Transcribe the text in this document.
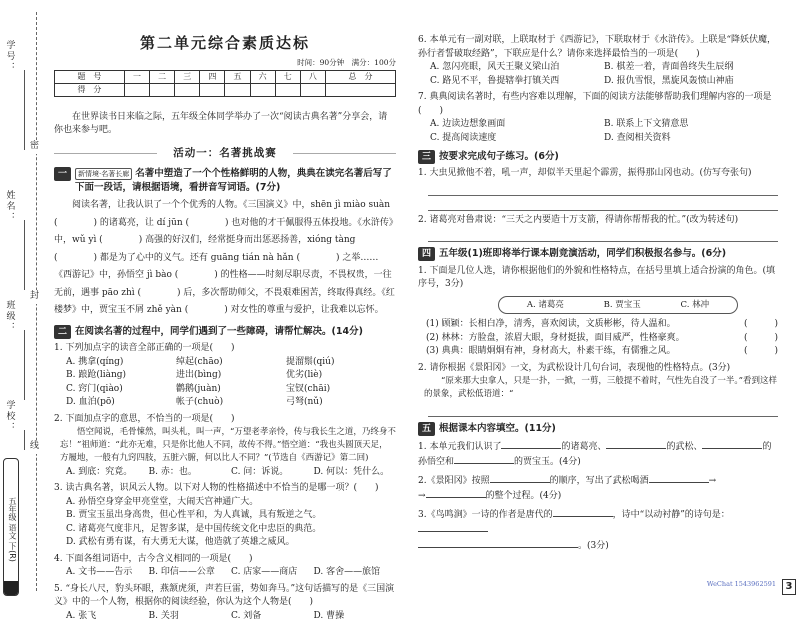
学号：
姓名：
班级：
学校：
密
封
线
五年级 语文 下(R)
第二单元综合素质达标
时间：90分钟　满分：100分
题　号	一	二	三	四	五	六	七	八	总　分
得　分									
在世界读书日来临之际，五年级全体同学举办了一次“阅读古典名著”分享会，请你也来参与吧。
活动一：名著挑战赛
一	新情境·名著长廊 名著中塑造了一个个性格鲜明的人物，典典在读完名著后写了下面一段话，请根据语境，看拼音写词语。(7分)
阅读名著，让我认识了一个个优秀的人物。《三国演义》中，shēn jì miào suàn (　　　　) 的诸葛亮，让 dí jūn (　　　　) 也对他的才干佩服得五体投地。《水浒传》中，wǔ yì (　　　　) 高强的好汉们，经常挺身而出惩恶扬善，xióng tàng (　　　　) 都是为了心中的义气。还有 ɡuāng tián nà hǎn (　　　　) 之举……《西游记》中，孙悟空 jì bào (　　　　) 的性格——时刻尽职尽责，不畏权贵，一往无前，遇事 pāo zhì (　　　　) 后，多次帮助师父，不畏艰难困苦，终取得真经。《红楼梦》中，贾宝玉不屑 zhě yàn (　　　　) 对女性的尊重与爱护，让我难以忘怀。
二 在阅读名著的过程中，同学们遇到了一些障碍，请帮忙解决。(14分)
1. 下列加点字的读音全部正确的一项是(　　)
A. 携拿(qíng)	绰起(chāo)	提溜鬃(qiú)
B. 踉跄(liàng)	进出(bìng)	优劣(liè)
C. 窍门(qiào)	鹳鹅(juàn)	宝钗(chāi)
D. 血泊(pō)	帐子(chuò)	弓弩(nǔ)
2. 下面加点字的意思，不恰当的一项是(　　)
悟空闻说，毛骨悚然，叫头札，叫一声，“万望老孝亲怜，传与我长生之道，乃终身不忘！”祖师道：“此亦无难，只是你比他人不同，故传不得。”悟空道：“我也头圆顶天足，方履地，一般有九窍四肢，五脏六腑，何以比人不同？”(节选自《西游记》第二回)
A. 到底：究竟。	B. 赤：也。	C. 问：诉说。	D. 何以：凭什么。
3. 读古典名著，识风云人物。以下对人物的性格描述中不恰当的是哪一项？(　　)
A. 孙悟空身穿金甲亮堂堂，大闹天宫神通广大。
B. 贾宝玉虽出身高贵，但心性平和，为人真诚，具有叛逆之气。
C. 诸葛亮气度非凡，足智多谋，是中国传统文化中忠臣的典范。
D. 武松有勇有谋，有大勇无大谋，他造就了英雄之威风。
4. 下面各组词语中，古今含义相同的一项是(　　)
A. 文书——告示	B. 印信——公章	C. 店家——商店	D. 客舍——旅馆
5. “身长八尺，豹头环眼，燕颔虎须，声若巨雷，势如奔马。”这句话描写的是《三国演义》中的一个人物，根据你的阅读经验，你认为这个人物是(　　)
A. 张飞	B. 关羽	C. 刘备	D. 曹操
6. 本单元有一副对联，上联取材于《西游记》，下联取材于《水浒传》。上联是“降妖伏魔，孙行者誓破取经路”，下联应是什么？请你来选择最恰当的一项是(　　)
A. 忽闪亮眼，风天王聚义梁山泊	B. 棋差一着，青面兽终失生辰纲
C. 路见不平，鲁提辖拳打镇关西	D. 报仇雪恨，黑旋风轰愤山神庙
7. 典典阅读名著时，有些内容难以理解，下面的阅读方法能够帮助我们理解内容的一项是(　　)
A. 边读边想象画面	B. 联系上下文猜意思
C. 提高阅读速度	D. 查阅相关资料
三 按要求完成句子练习。(6分)
1. 大虫见掀他不着，吼一声，却似半天里起个霹雳，振得那山冈也动。(仿写夸张句)
2. 诸葛亮对鲁肃说：“三天之内要造十万支箭，得请你帮帮我的忙。”(改为转述句)
四 五年级(1)班即将举行课本剧竞演活动，同学们积极报名参与。(6分)
1. 下面是几位人选，请你根据他们的外貌和性格特点，在括号里填上适合扮演的角色。(填序号，3分)
A. 诸葛亮	B. 贾宝玉	C. 林冲
(1) 顾颖：长相白净，清秀，喜欢阅读，文质彬彬，待人温和。	(　　　)
(2) 林林：方脸盘，浓眉大眼，身材挺拔，面目威严，性格豪爽。	(　　　)
(3) 典典：眼睛炯炯有神，身材高大，朴素干练，有儒雅之风。	(　　　)
2. 请你根据《景阳冈》一文，为武松设计几句台词，表现他的性格特点。(3分)
“原来那大虫拿人，只是一扑，一掀，一剪，三般提不着时，气性先自没了一半。”看到这样的景象，武松低语道：“
五 根据课本内容填空。(11分)
1. 本单元我们认识了	的诸葛亮、	的武松、	的
孙悟空和	的贾宝玉。(4分)
2.《景阳冈》按照	的顺序，写出了武松喝酒	→
→	的整个过程。(4分)
3.《鸟鸣涧》一诗的作者是唐代的	，诗中“以动衬静”的诗句是：
。(3分)
WeChat 1543962591 3
